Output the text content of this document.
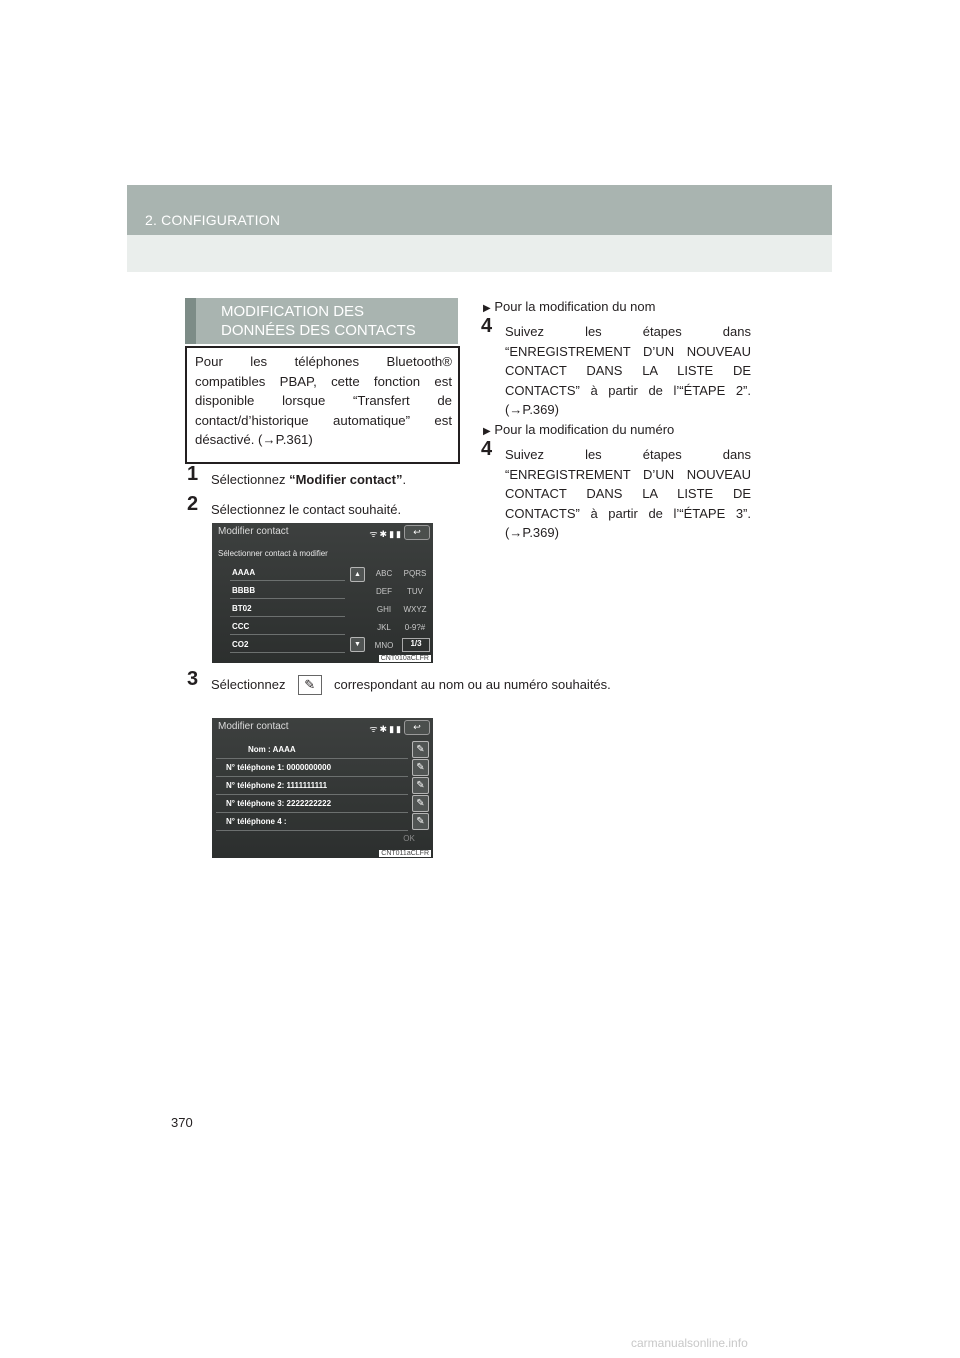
2. CONFIGURATION
MODIFICATION DES
DONNÉES DES CONTACTS

Pour les téléphones Bluetooth® compatibles PBAP, cette fonction est disponible lorsque “Transfert de contact/d’historique automatique” est désactivé. (→P.361)

1 Sélectionnez “Modifier contact”.
2 Sélectionnez le contact souhaité.
Modifier contact	ᯤ✱▮▮	↩
Sélectionner contact à modifier
AAAA
BBBB
BT02
CCC
CO2
▲
▼
ABC
DEF
GHI
JKL
MNO
PQRS
TUV
WXYZ
0-9?#
1/3
CNT010aCLFR
3 Sélectionnez	✎	correspondant au nom ou au numéro souhaités.
Modifier contact	ᯤ✱▮▮	↩
Nom : AAAA	✎
N° téléphone 1: 0000000000	✎
N° téléphone 2: 1111111111	✎
N° téléphone 3: 2222222222	✎
N° téléphone 4 :	✎
OK
CNT011aCLFR
▶ Pour la modification du nom
4 Suivez les étapes dans “ENREGISTREMENT D’UN NOUVEAU CONTACT DANS LA LISTE DE CONTACTS” à partir de l’“ÉTAPE 2”. (→P.369)
▶ Pour la modification du numéro
4 Suivez les étapes dans “ENREGISTREMENT D’UN NOUVEAU CONTACT DANS LA LISTE DE CONTACTS” à partir de l’“ÉTAPE 3”. (→P.369)
370
carmanualsonline.info
